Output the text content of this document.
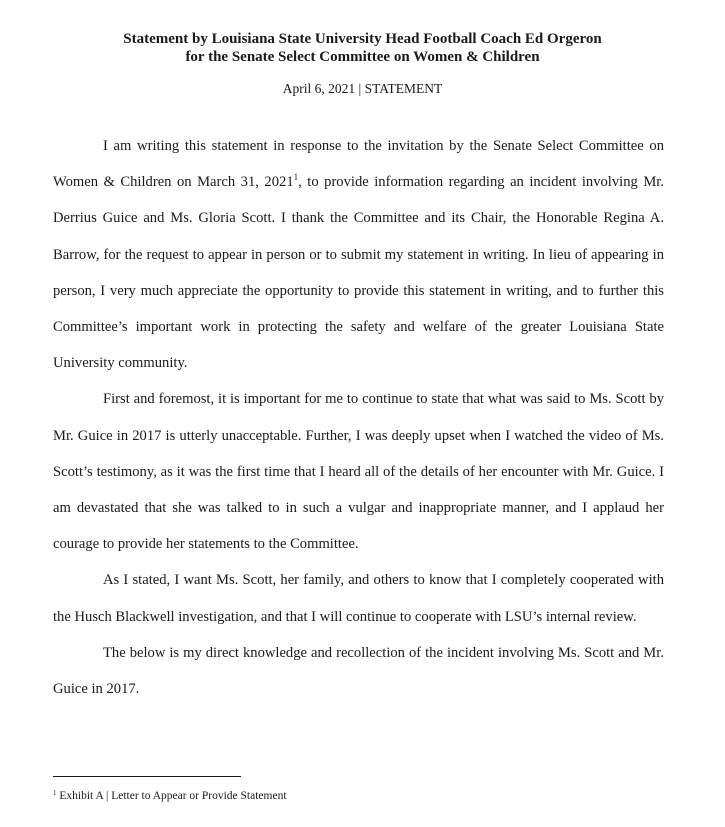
Statement by Louisiana State University Head Football Coach Ed Orgeron
for the Senate Select Committee on Women & Children
April 6, 2021 | STATEMENT

I am writing this statement in response to the invitation by the Senate Select Committee on Women & Children on March 31, 2021$^1$, to provide information regarding an incident involving Mr. Derrius Guice and Ms. Gloria Scott. I thank the Committee and its Chair, the Honorable Regina A. Barrow, for the request to appear in person or to submit my statement in writing. In lieu of appearing in person, I very much appreciate the opportunity to provide this statement in writing, and to further this Committee’s important work in protecting the safety and welfare of the greater Louisiana State University community.

First and foremost, it is important for me to continue to state that what was said to Ms. Scott by Mr. Guice in 2017 is utterly unacceptable. Further, I was deeply upset when I watched the video of Ms. Scott’s testimony, as it was the first time that I heard all of the details of her encounter with Mr. Guice. I am devastated that she was talked to in such a vulgar and inappropriate manner, and I applaud her courage to provide her statements to the Committee.

As I stated, I want Ms. Scott, her family, and others to know that I completely cooperated with the Husch Blackwell investigation, and that I will continue to cooperate with LSU’s internal review.

The below is my direct knowledge and recollection of the incident involving Ms. Scott and Mr. Guice in 2017.

$^1$ Exhibit A | Letter to Appear or Provide Statement
